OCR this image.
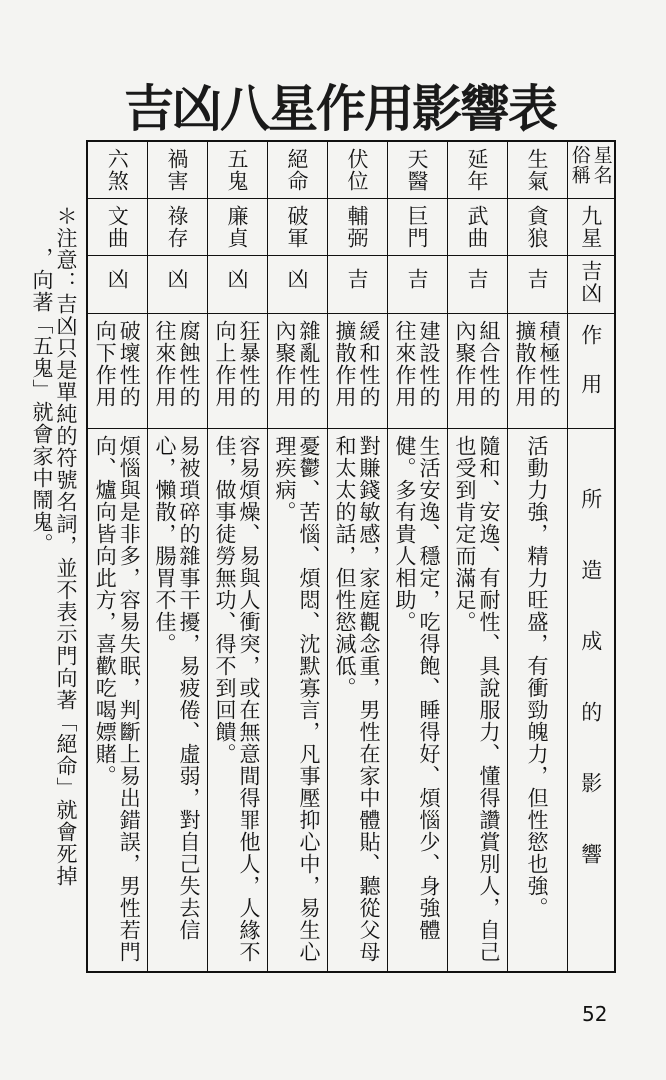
吉凶八星作用影響表
＊注意：吉凶只是單純的符號名詞，並不表示門向著「絕命」就會死掉
，向著「五鬼」就會家中鬧鬼。
六煞	禍害	五鬼	絕命	伏位	天醫	延年	生氣	星名俗稱

文曲	祿存	廉貞	破軍	輔弼	巨門	武曲	貪狼	九星

凶	凶	凶	凶	吉	吉	吉	吉	吉凶

破壞性的向下作用	腐蝕性的往來作用	狂暴性的向上作用	雜亂性的內聚作用	緩和性的擴散作用	建設性的往來作用	組合性的內聚作用	積極性的擴散作用	作用

煩惱與是非多，容易失眠，判斷上易出錯誤，男性若門向、爐向皆向此方，喜歡吃喝嫖賭。	易被瑣碎的雜事干擾，易疲倦、虛弱，對自己失去信心，懶散，腸胃不佳。	容易煩燥、易與人衝突，或在無意間得罪他人，人緣不佳，做事徒勞無功、得不到回饋。	憂鬱、苦惱、煩悶、沈默寡言，凡事壓抑心中，易生心理疾病。	對賺錢敏感，家庭觀念重，男性在家中體貼、聽從父母和太太的話，但性慾減低。	生活安逸、穩定，吃得飽、睡得好、煩惱少、身強體健。多有貴人相助。	隨和、安逸、有耐性、具說服力、懂得讚賞別人，自己也受到肯定而滿足。	活動力強，精力旺盛，有衝勁魄力，但性慾也強。	所造成的影響
52
